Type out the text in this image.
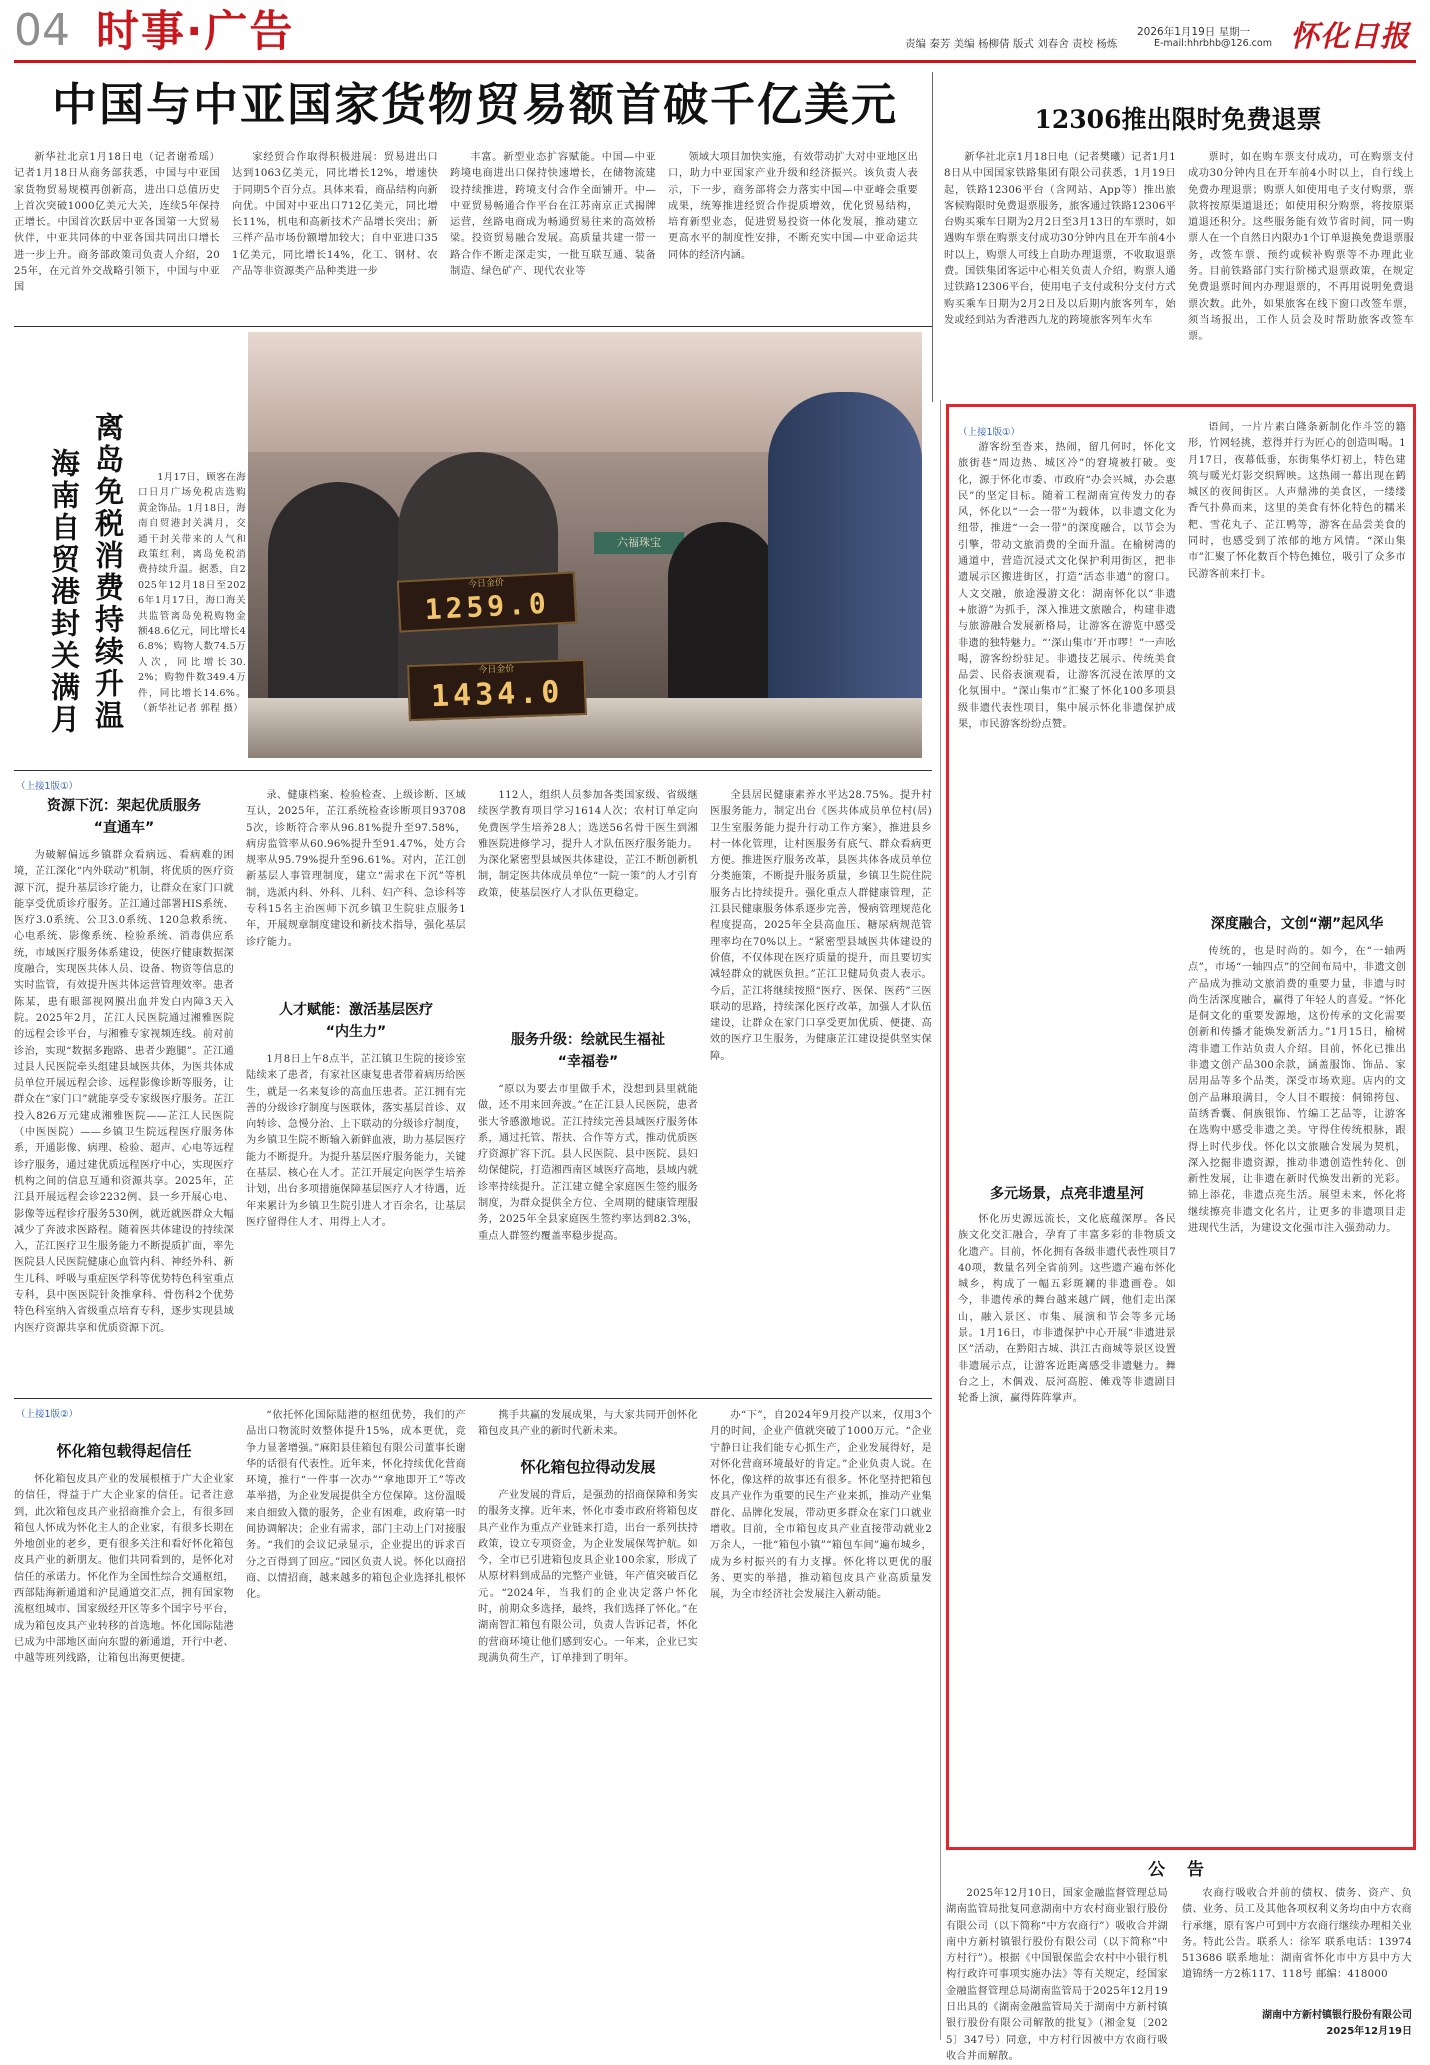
04 时事·广告	责编 秦芳 美编 杨柳倩 版式 刘春舍 责校 杨炼
2026年1月19日 星期一
E-mail:hhrbhb@126.com 怀化日报
中国与中亚国家货物贸易额首破千亿美元

新华社北京1月18日电（记者谢希瑶）记者1月18日从商务部获悉，中国与中亚国家货物贸易规模再创新高，进出口总值历史上首次突破1000亿美元大关，连续5年保持正增长。中国首次跃居中亚各国第一大贸易伙伴，中亚共同体的中亚各国共同出口增长进一步上升。商务部政策司负责人介绍，2025年，在元首外交战略引领下，中国与中亚国

家经贸合作取得积极进展：贸易进出口达到1063亿美元，同比增长12%，增速快于同期5个百分点。具体来看，商品结构向新向优。中国对中亚出口712亿美元，同比增长11%，机电和高新技术产品增长突出；新三样产品市场份额增加较大；自中亚进口351亿美元，同比增长14%，化工、钢材、农产品等非资源类产品种类进一步

丰富。新型业态扩容赋能。中国—中亚跨境电商进出口保持快速增长，在储物流建设持续推进，跨境支付合作全面铺开。中—中亚贸易畅通合作平台在江苏南京正式揭牌运营，丝路电商成为畅通贸易往来的高效桥梁。投资贸易融合发展。高质量共建一带一路合作不断走深走实，一批互联互通、装备制造、绿色矿产、现代农业等

领域大项目加快实施，有效带动扩大对中亚地区出口，助力中亚国家产业升级和经济振兴。该负责人表示，下一步，商务部将会力落实中国—中亚峰会重要成果，统筹推进经贸合作提质增效，优化贸易结构，培育新型业态，促进贸易投资一体化发展，推动建立更高水平的制度性安排，不断充实中国—中亚命运共同体的经济内涵。

12306推出限时免费退票

新华社北京1月18日电（记者樊曦）记者1月18日从中国国家铁路集团有限公司获悉，1月19日起，铁路12306平台（含网站、App等）推出旅客候购限时免费退票服务，旅客通过铁路12306平台购买乘车日期为2月2日至3月13日的车票时，如遇购车票在购票支付成功30分钟内且在开车前4小时以上，购票人可线上自助办理退票，不收取退票费。国铁集团客运中心相关负责人介绍，购票人通过铁路12306平台，使用电子支付或积分支付方式购买乘车日期为2月2日及以后期内旅客列车，始发或经到站为香港西九龙的跨境旅客列车火车

票时，如在购车票支付成功，可在购票支付成功30分钟内且在开车前4小时以上，自行线上免费办理退票；购票人如使用电子支付购票，票款将按原渠道退还；如使用积分购票，将按原渠道退还积分。这些服务能有效节省时间，同一购票人在一个自然日内限办1个订单退换免费退票服务，改签车票、预约或候补购票等不办理此业务。目前铁路部门实行阶梯式退票政策，在规定免费退票时间内办理退票的，不再用说明免费退票次数。此外，如果旅客在线下窗口改签车票，须当场报出，工作人员会及时帮助旅客改签车票。

离岛免税消费持续升温
海南自贸港封关满月	1月17日，顾客在海口日月广场免税店选购黄金饰品。1月18日，海南自贸港封关满月，交通干封关带来的人气和政策红利，离岛免税消费持续升温。据悉，自2025年12月18日至2026年1月17日，海口海关共监管离岛免税购物金额48.6亿元，同比增长46.8%；购物人数74.5万人次，同比增长30.2%；购物件数349.4万件，同比增长14.6%。（新华社记者 郭程 摄）

六福珠宝
今日金价
1259.0
今日金价
1434.0
（上接1版①）
资源下沉：架起优质服务
“直通车”

为破解偏远乡镇群众看病远、看病难的困境，芷江深化“内外联动”机制，将优质的医疗资源下沉，提升基层诊疗能力，让群众在家门口就能享受优质诊疗服务。芷江通过部署HIS系统、医疗3.0系统、公卫3.0系统、120急救系统、心电系统、影像系统、检验系统、消毒供应系统，市域医疗服务体系建设，使医疗健康数据深度融合，实现医共体人员、设备、物资等信息的实时监管，有效提升医共体运营管理效率。患者陈某，患有眼部视网膜出血并发白内障3天入院。2025年2月，芷江人民医院通过湘雅医院的远程会诊平台，与湘雅专家视频连线。前对前诊治，实现“数据多跑路、患者少跑腿”。芷江通过县人民医院牵头组建县域医共体，为医共体成员单位开展远程会诊、远程影像诊断等服务，让群众在“家门口”就能享受专家级医疗服务。芷江投入826万元建成湘雅医院——芷江人民医院（中医医院）——乡镇卫生院远程医疗服务体系，开通影像、病理、检验、超声、心电等远程诊疗服务，通过建优质远程医疗中心，实现医疗机构之间的信息互通和资源共享。2025年，芷江县开展远程会诊2232例、县一乡开展心电、影像等远程诊疗服务530例，就近就医群众大幅减少了奔波求医路程。随着医共体建设的持续深入，芷江医疗卫生服务能力不断提质扩面，率先医院县人民医院健康心血管内科、神经外科、新生儿科、呼吸与重症医学科等优势特色科室重点专科，县中医医院针灸推拿科、骨伤科2个优势特色科室纳入省级重点培育专科，逐步实现县域内医疗资源共享和优质资源下沉。

录、健康档案、检验检查、上级诊断、区域互认，2025年，芷江系统检查诊断项目937085次，诊断符合率从96.81%提升至97.58%，病房监管率从60.96%提升至91.47%，处方合规率从95.79%提升至96.61%。对内，芷江创新基层人事管理制度，建立“需求在下沉”等机制，选派内科、外科、儿科、妇产科、急诊科等专科15名主治医师下沉乡镇卫生院驻点服务1年，开展规章制度建设和新技术指导，强化基层诊疗能力。

人才赋能：激活基层医疗
“内生力”

1月8日上午8点半，芷江镇卫生院的接诊室陆续来了患者，有家社区康复患者带着病历给医生，就是一名来复诊的高血压患者。芷江拥有完善的分级诊疗制度与医联体，落实基层首诊、双向转诊、急慢分治、上下联动的分级诊疗制度，为乡镇卫生院不断输入新鲜血液，助力基层医疗能力不断提升。为提升基层医疗服务能力，关键在基层、核心在人才。芷江开展定向医学生培养计划，出台多项措施保障基层医疗人才待遇，近年来累计为乡镇卫生院引进人才百余名，让基层医疗留得住人才、用得上人才。

112人，组织人员参加各类国家级、省级继续医学教育项目学习1614人次；农村订单定向免费医学生培养28人；选送56名骨干医生到湘雅医院进修学习，提升人才队伍医疗服务能力。为深化紧密型县域医共体建设，芷江不断创新机制，制定医共体成员单位“一院一策”的人才引育政策，使基层医疗人才队伍更稳定。

服务升级：绘就民生福祉
“幸福卷”

“原以为要去市里做手术，没想到县里就能做，还不用来回奔波。”在芷江县人民医院，患者张大爷感激地说。芷江持续完善县域医疗服务体系，通过托管、帮扶、合作等方式，推动优质医疗资源扩容下沉。县人民医院、县中医院、县妇幼保健院，打造湘西南区域医疗高地，县域内就诊率持续提升。芷江建立健全家庭医生签约服务制度，为群众提供全方位、全周期的健康管理服务，2025年全县家庭医生签约率达到82.3%，重点人群签约覆盖率稳步提高。

全县居民健康素养水平达28.75%。提升村医服务能力，制定出台《医共体成员单位村(居)卫生室服务能力提升行动工作方案》，推进县乡村一体化管理，让村医服务有底气、群众看病更方便。推进医疗服务改革，县医共体各成员单位分类施策，不断提升服务质量，乡镇卫生院住院服务占比持续提升。强化重点人群健康管理，芷江县民健康服务体系逐步完善，慢病管理规范化程度提高，2025年全县高血压、糖尿病规范管理率均在70%以上。“紧密型县域医共体建设的价值，不仅体现在医疗质量的提升，而且要切实减轻群众的就医负担。”芷江卫健局负责人表示。今后，芷江将继续按照“医疗、医保、医药”三医联动的思路，持续深化医疗改革，加强人才队伍建设，让群众在家门口享受更加优质、便捷、高效的医疗卫生服务，为健康芷江建设提供坚实保障。

（上接1版②）
怀化箱包载得起信任

怀化箱包皮具产业的发展根植于广大企业家的信任，得益于广大企业家的信任。记者注意到，此次箱包皮具产业招商推介会上，有很多回箱包人怀成为怀化主人的企业家，有很多长期在外地创业的老乡，更有很多关注和看好怀化箱包皮具产业的新朋友。他们共同看到的，是怀化对信任的承诺力。怀化作为全国性综合交通枢纽，西部陆海新通道和沪昆通道交汇点，拥有国家物流枢纽城市、国家级经开区等多个国字号平台，成为箱包皮具产业转移的首选地。怀化国际陆港已成为中部地区面向东盟的新通道，开行中老、中越等班列线路，让箱包出海更便捷。

“依托怀化国际陆港的枢纽优势，我们的产品出口物流时效整体提升15%，成本更优，竞争力显著增强。”麻阳县佳箱包有限公司董事长谢华的话很有代表性。近年来，怀化持续优化营商环境，推行“一件事一次办”“拿地即开工”等改革举措，为企业发展提供全方位保障。这份温暖来自细致入微的服务，企业有困难，政府第一时间协调解决；企业有需求，部门主动上门对接服务。“我们的会议记录显示，企业提出的诉求百分之百得到了回应。”园区负责人说。怀化以商招商、以情招商，越来越多的箱包企业选择扎根怀化。

携手共赢的发展成果，与大家共同开创怀化箱包皮具产业的新时代新未来。

怀化箱包拉得动发展

产业发展的背后，是强劲的招商保障和务实的服务支撑。近年来，怀化市委市政府将箱包皮具产业作为重点产业链来打造，出台一系列扶持政策，设立专项资金，为企业发展保驾护航。如今，全市已引进箱包皮具企业100余家，形成了从原材料到成品的完整产业链，年产值突破百亿元。“2024年，当我们的企业决定落户怀化时，前期众多选择，最终，我们选择了怀化。”在湖南智汇箱包有限公司，负责人告诉记者，怀化的营商环境让他们感到安心。一年来，企业已实现满负荷生产，订单排到了明年。

办“下”，自2024年9月投产以来，仅用3个月的时间，企业产值就突破了1000万元。“企业宁静日让我们能专心抓生产，企业发展得好，是对怀化营商环境最好的肯定。”企业负责人说。在怀化，像这样的故事还有很多。怀化坚持把箱包皮具产业作为重要的民生产业来抓，推动产业集群化、品牌化发展，带动更多群众在家门口就业增收。目前，全市箱包皮具产业直接带动就业2万余人，一批“箱包小镇”“箱包车间”遍布城乡，成为乡村振兴的有力支撑。怀化将以更优的服务、更实的举措，推动箱包皮具产业高质量发展，为全市经济社会发展注入新动能。

（上接1版①）

游客纷至沓来，热闹，留几何时，怀化文旅街巷“周边热、城区冷”的窘境被打破。变化，源于怀化市委、市政府“办会兴城，办会惠民”的坚定目标。随着工程湖南宣传发力的春风，怀化以“一会一带”为载体，以非遗文化为纽带，推进“一会一带”的深度融合，以节会为引擎，带动文旅消费的全面升温。在榆树湾的通道中，营造沉浸式文化保护利用街区，把非遗展示区搬进街区，打造“活态非遗”的窗口。人文交融，旅途漫游文化：湖南怀化以“非遗+旅游”为抓手，深入推进文旅融合，构建非遗与旅游融合发展新格局，让游客在游览中感受非遗的独特魅力。“‘深山集市’开市啰！”一声吆喝，游客纷纷驻足。非遗技艺展示、传统美食品尝、民俗表演观看，让游客沉浸在浓厚的文化氛围中。“深山集市”汇聚了怀化100多项县级非遗代表性项目，集中展示怀化非遗保护成果，市民游客纷纷点赞。

多元场景，点亮非遗星河

怀化历史源远流长，文化底蕴深厚。各民族文化交汇融合，孕育了丰富多彩的非物质文化遗产。目前，怀化拥有各级非遗代表性项目740项，数量名列全省前列。这些遗产遍布怀化城乡，构成了一幅五彩斑斓的非遗画卷。如今，非遗传承的舞台越来越广阔，他们走出深山，融入景区、市集、展演和节会等多元场景。1月16日，市非遗保护中心开展“非遗进景区”活动，在黔阳古城、洪江古商城等景区设置非遗展示点，让游客近距离感受非遗魅力。舞台之上，木偶戏、辰河高腔、傩戏等非遗剧目轮番上演，赢得阵阵掌声。

语间，一片片素白隆条新制化作斗笠的籍形，竹网轻挑，惹得并行为匠心的创造叫喝。1月17日，夜幕低垂，东街集华灯初上，特色建筑与暖光灯影交织辉映。这热闹一幕出现在鹤城区的夜间街区。人声鼎沸的美食区，一缕缕香气扑鼻而来，这里的美食有怀化特色的糯米粑、雪花丸子、芷江鸭等，游客在品尝美食的同时，也感受到了浓郁的地方风情。“深山集市”汇聚了怀化数百个特色摊位，吸引了众多市民游客前来打卡。

深度融合，文创“潮”起风华

传统的，也是时尚的。如今，在“一轴两点”，市场“一轴四点”的空间布局中，非遗文创产品成为推动文旅消费的重要力量，非遗与时尚生活深度融合，赢得了年轻人的喜爱。“怀化是侗文化的重要发源地，这份传承的文化需要创新和传播才能焕发新活力。”1月15日，榆树湾非遗工作站负责人介绍。目前，怀化已推出非遗文创产品300余款，涵盖服饰、饰品、家居用品等多个品类，深受市场欢迎。店内的文创产品琳琅满目，令人目不暇接：侗锦挎包、苗绣香囊、侗族银饰、竹编工艺品等，让游客在选购中感受非遗之美。守得住传统根脉，跟得上时代步伐。怀化以文旅融合发展为契机，深入挖掘非遗资源，推动非遗创造性转化、创新性发展，让非遗在新时代焕发出新的光彩。锦上添花，非遗点亮生活。展望未来，怀化将继续擦亮非遗文化名片，让更多的非遗项目走进现代生活，为建设文化强市注入强劲动力。

公 告

2025年12月10日，国家金融监督管理总局湖南监管局批复同意湖南中方农村商业银行股份有限公司（以下简称“中方农商行”）吸收合并湖南中方新村镇银行股份有限公司（以下简称“中方村行”）。根据《中国银保监会农村中小银行机构行政许可事项实施办法》等有关规定，经国家金融监督管理总局湖南监管局于2025年12月19日出具的《湖南金融监管局关于湖南中方新村镇银行股份有限公司解散的批复》（湘金复〔2025〕347号）同意，中方村行因被中方农商行吸收合并而解散。

农商行吸收合并前的债权、债务、资产、负债、业务、员工及其他各项权利义务均由中方农商行承继，原有客户可到中方农商行继续办理相关业务。特此公告。联系人：徐军 联系电话：13974513686 联系地址：湖南省怀化市中方县中方大道锦绣一方2栋117、118号 邮编：418000

湖南中方新村镇银行股份有限公司
2025年12月19日
